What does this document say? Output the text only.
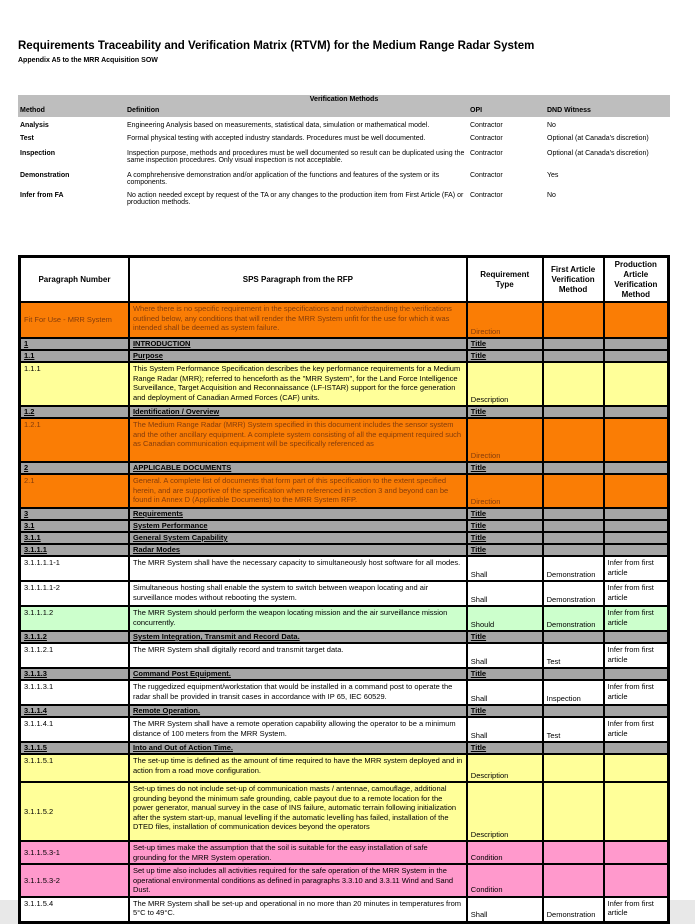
Requirements Traceability and Verification Matrix (RTVM) for the Medium Range Radar System
Appendix A5 to the MRR Acquisition SOW
Verification Methods			
Method	Definition	OPI	DND Witness
Analysis	Engineering Analysis based on measurements, statistical data, simulation or mathematical model.	Contractor	No
Test	Formal physical testing with accepted industry standards. Procedures must be well documented.	Contractor	Optional (at Canada's discretion)
Inspection	Inspection purpose, methods and procedures must be well documented so result can be duplicated using the same inspection procedures. Only visual inspection is not acceptable.	Contractor	Optional (at Canada's discretion)
Demonstration	A comphrehensive demonstration and/or application of the functions and features of the system or its components.	Contractor	Yes
Infer from FA	No action needed except by request of the TA or any changes to the production item from First Article (FA) or production methods.	Contractor	No
Paragraph Number	SPS Paragraph from the RFP	Requirement Type	First Article Verification Method	Production Article Verification Method
Fit For Use - MRR System	Where there is no specific requirement in the specifications and notwithstanding the verifications outlined below, any conditions that will render the MRR System unfit for the use for which it was intended shall be deemed as system failure.	Direction		
1	INTRODUCTION	Title		
1.1	Purpose	Title		
1.1.1	This System Performance Specification describes the key performance requirements for a Medium Range Radar (MRR); referred to henceforth as the "MRR System", for the Land Force Intelligence Surveillance, Target Acquisition and Reconnaissance (LF-ISTAR) support for the force generation and deployment of Canadian Armed Forces (CAF) units.	Description		
1.2	Identification / Overview	Title		
1.2.1	The Medium Range Radar (MRR) System specified in this document includes the sensor system and the other ancillary equipment. A complete system consisting of all the equipment required such as Canadian communication equipment will be specifically referenced as	Direction		
2	APPLICABLE DOCUMENTS	Title		
2.1	General. A complete list of documents that form part of this specification to the extent specified herein, and are supportive of the specification when referenced in section 3 and beyond can be found in Annex D (Applicable Documents) to the MRR System RFP.	Direction		
3	Requirements	Title		
3.1	System Performance	Title		
3.1.1	General System Capability	Title		
3.1.1.1	Radar Modes	Title		
3.1.1.1.1-1	The MRR System shall have the necessary capacity to simultaneously host software for all modes.	Shall	Demonstration	Infer from first article
3.1.1.1.1-2	Simultaneous hosting shall enable the system to switch between weapon locating and air surveillance modes without rebooting the system.	Shall	Demonstration	Infer from first article
3.1.1.1.2	The MRR System should perform the weapon locating mission and the air surveillance mission concurrently.	Should	Demonstration	Infer from first article
3.1.1.2	System Integration, Transmit and Record Data.	Title		
3.1.1.2.1	The MRR System shall digitally record and transmit target data.	Shall	Test	Infer from first article
3.1.1.3	Command Post Equipment.	Title		
3.1.1.3.1	The ruggedized equipment/workstation that would be installed in a command post to operate the radar shall be provided in transit cases in accordance with IP 65, IEC 60529.	Shall	Inspection	Infer from first article
3.1.1.4	Remote Operation.	Title		
3.1.1.4.1	The MRR System shall have a remote operation capability allowing the operator to be a minimum distance of 100 meters from the MRR System.	Shall	Test	Infer from first article
3.1.1.5	Into and Out of Action Time.	Title		
3.1.1.5.1	The set-up time is defined as the amount of time required to have the MRR system deployed and in action from a road move configuration.	Description		
3.1.1.5.2	Set-up times do not include set-up of communication masts / antennae, camouflage, additional grounding beyond the minimum safe grounding, cable payout due to a remote location for the power generator, manual survey in the case of INS failure, automatic terrain following initialization after the system start-up, manual levelling if the automatic levelling has failed, installation of the DTED files, installation of communication devices beyond the operators	Description		
3.1.1.5.3-1	Set-up times make the assumption that the soil is suitable for the easy installation of safe grounding for the MRR System operation.	Condition		
3.1.1.5.3-2	Set up time also includes all activities required for the safe operation of the MRR System in the operational environmental conditions as defined in paragraphs 3.3.10 and 3.3.11 Wind and Sand Dust.	Condition		
3.1.1.5.4	The MRR System shall be set-up and operational in no more than 20 minutes in temperatures from 5°C to 49°C.	Shall	Demonstration	Infer from first article
